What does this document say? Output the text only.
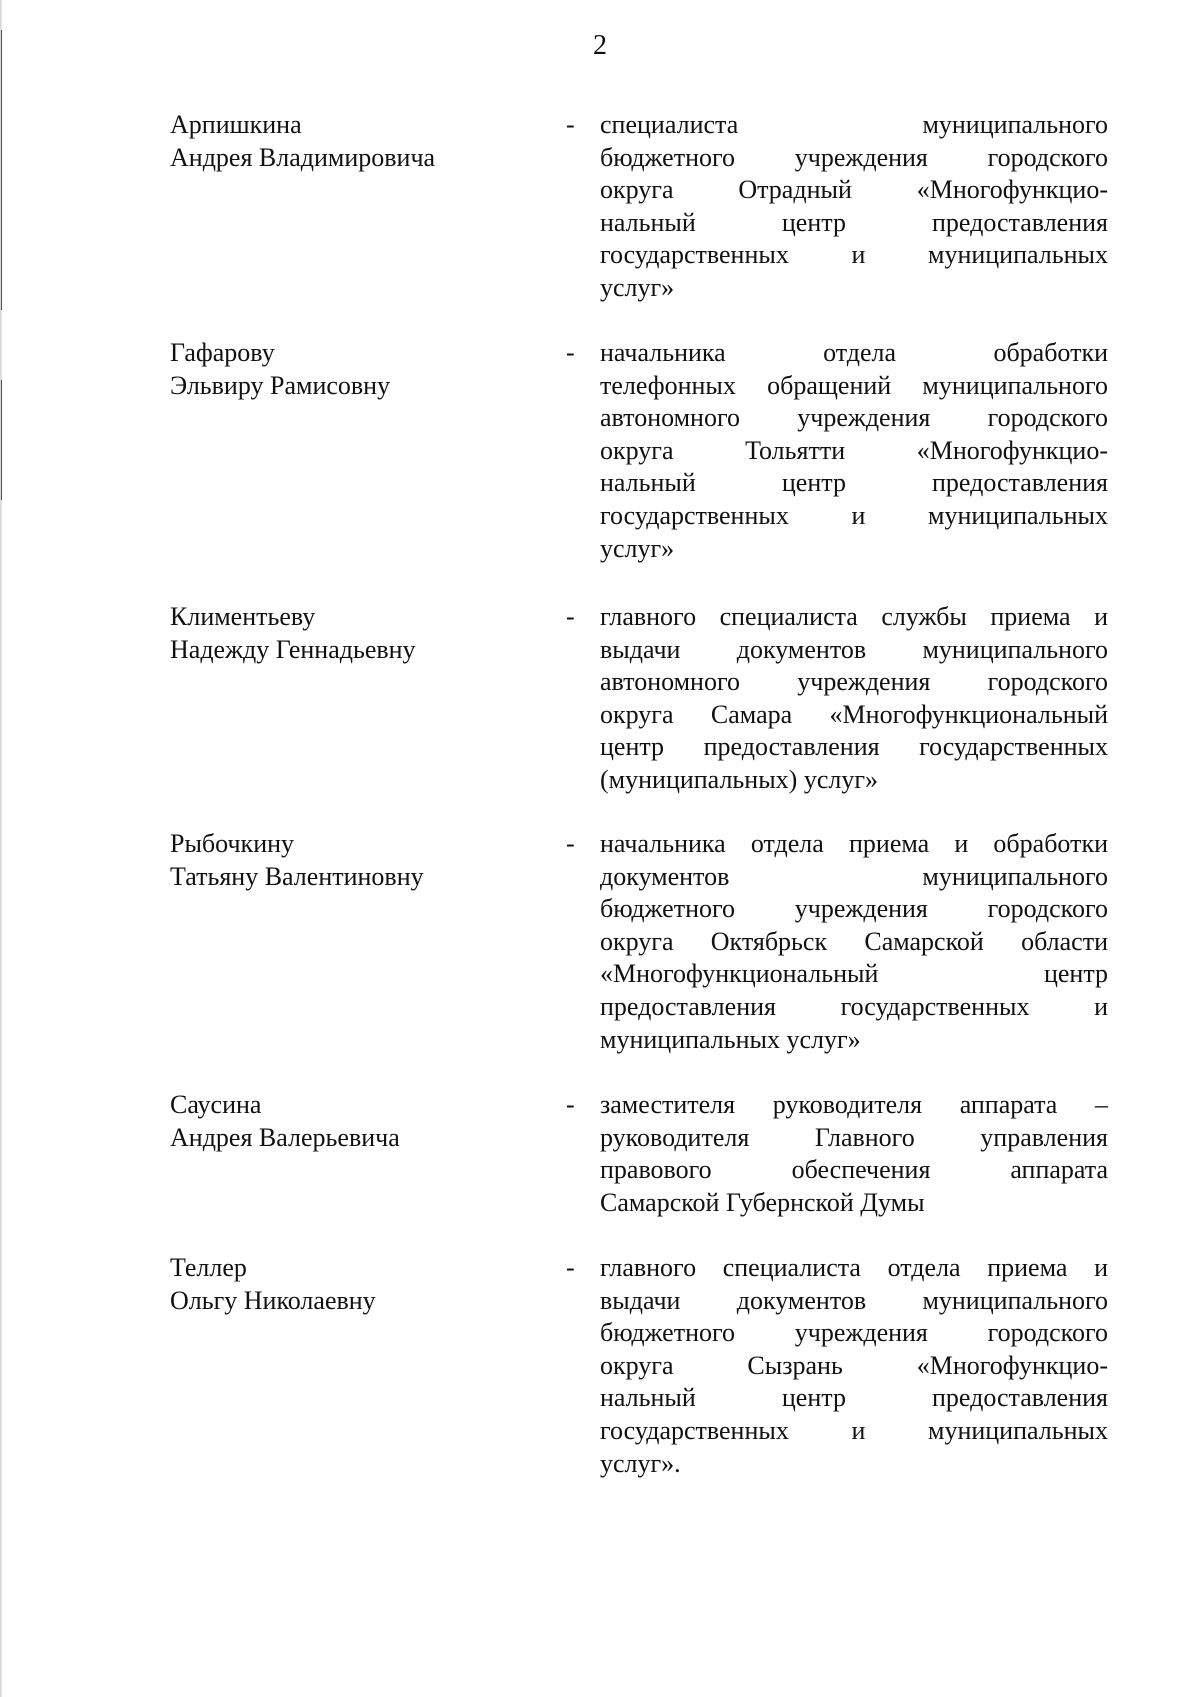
2
Арпишкина
Андрея Владимировича
- специалиста муниципального
бюджетного учреждения городского
округа Отрадный «Многофункцио-
нальный центр предоставления
государственных и муниципальных
услуг»
Гафарову
Эльвиру Рамисовну
- начальника отдела обработки
телефонных обращений муниципального
автономного учреждения городского
округа Тольятти «Многофункцио-
нальный центр предоставления
государственных и муниципальных
услуг»
Климентьеву
Надежду Геннадьевну
- главного специалиста службы приема и
выдачи документов муниципального
автономного учреждения городского
округа Самара «Многофункциональный
центр предоставления государственных
(муниципальных) услуг»
Рыбочкину
Татьяну Валентиновну
- начальника отдела приема и обработки
документов муниципального
бюджетного учреждения городского
округа Октябрьск Самарской области
«Многофункциональный центр
предоставления государственных и
муниципальных услуг»
Саусина
Андрея Валерьевича
- заместителя руководителя аппарата –
руководителя Главного управления
правового обеспечения аппарата
Самарской Губернской Думы
Теллер
Ольгу Николаевну
- главного специалиста отдела приема и
выдачи документов муниципального
бюджетного учреждения городского
округа Сызрань «Многофункцио-
нальный центр предоставления
государственных и муниципальных
услуг».
